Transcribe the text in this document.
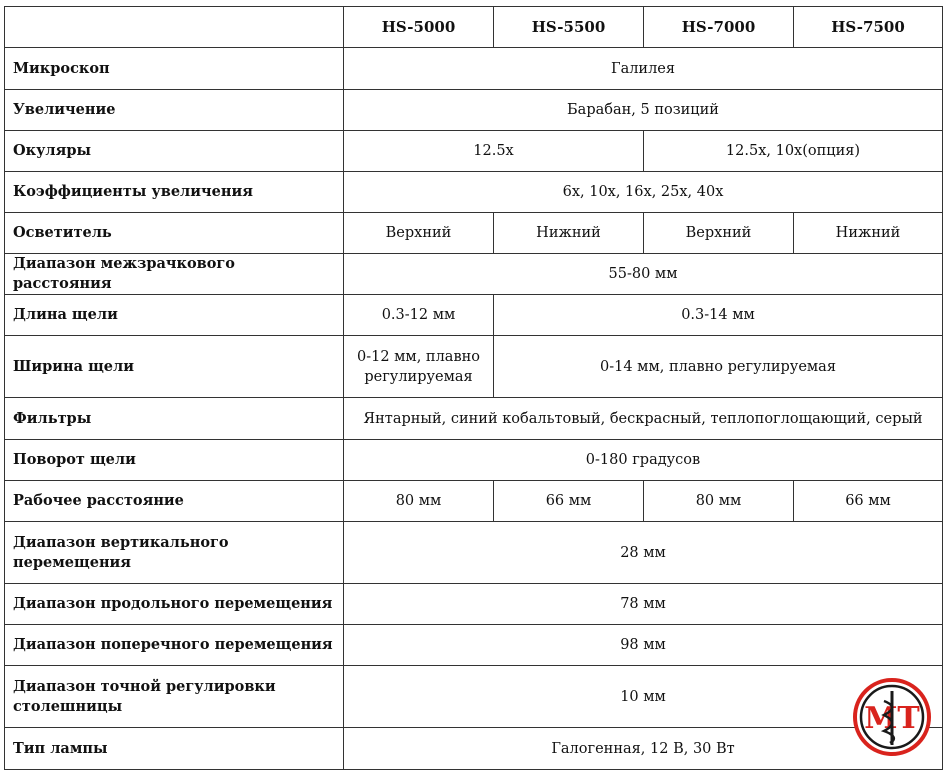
	HS-5000	HS-5500	HS-7000	HS-7500
Микроскоп	Галилея			
Увеличение	Барабан, 5 позиций			
Окуляры	12.5x		12.5x, 10x(опция)	
Коэффициенты увеличения	6x, 10x, 16x, 25x, 40x			
Осветитель	Верхний	Нижний	Верхний	Нижний
Диапазон межзрачкового расстояния	55-80 мм			
Длина щели	0.3-12 мм	0.3-14 мм		
Ширина щели	0-12 мм, плавно регулируемая	0-14 мм, плавно регулируемая		
Фильтры	Янтарный, синий кобальтовый, бескрасный, теплопоглощающий, серый			
Поворот щели	0-180 градусов			
Рабочее расстояние	80 мм	66 мм	80 мм	66 мм
Диапазон вертикального перемещения	28 мм			
Диапазон продольного перемещения	78 мм			
Диапазон поперечного перемещения	98 мм			
Диапазон точной регулировки столешницы	10 мм			
Тип лампы	Галогенная, 12 В, 30 Вт			
МТ
